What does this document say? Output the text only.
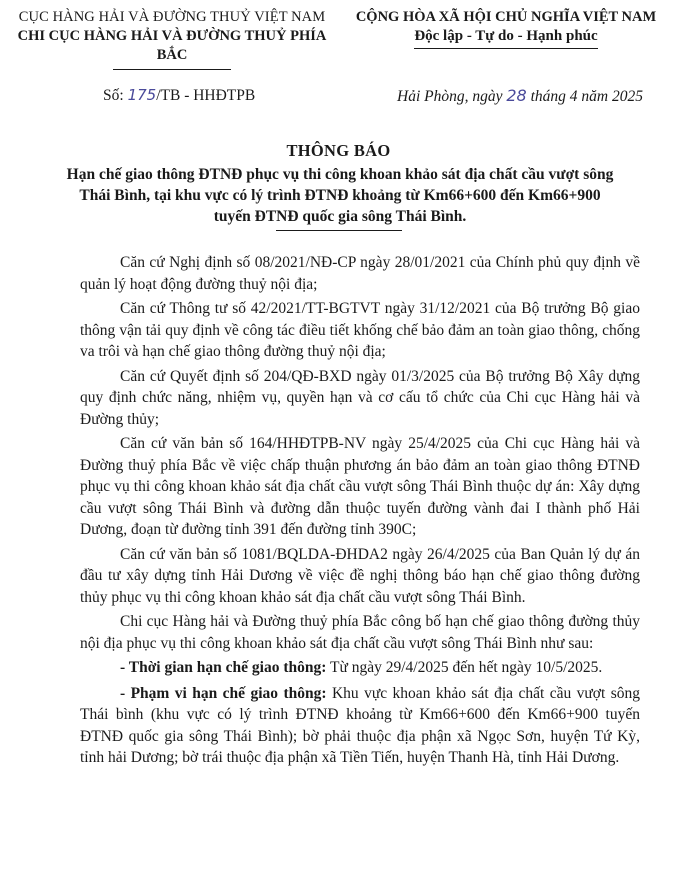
CỤC HÀNG HẢI VÀ ĐƯỜNG THUỶ VIỆT NAM
CHI CỤC HÀNG HẢI VÀ ĐƯỜNG THUỶ PHÍA BẮC
CỘNG HÒA XÃ HỘI CHỦ NGHĨA VIỆT NAM
Độc lập - Tự do - Hạnh phúc
Số: 175/TB - HHĐTPB	Hải Phòng, ngày 28 tháng 4 năm 2025
THÔNG BÁO
Hạn chế giao thông ĐTNĐ phục vụ thi công khoan khảo sát địa chất cầu vượt sông Thái Bình, tại khu vực có lý trình ĐTNĐ khoảng từ Km66+600 đến Km66+900 tuyến ĐTNĐ quốc gia sông Thái Bình.

Căn cứ Nghị định số 08/2021/NĐ-CP ngày 28/01/2021 của Chính phủ quy định về quản lý hoạt động đường thuỷ nội địa;

Căn cứ Thông tư số 42/2021/TT-BGTVT ngày 31/12/2021 của Bộ trưởng Bộ giao thông vận tải quy định về công tác điều tiết khống chế bảo đảm an toàn giao thông, chống va trôi và hạn chế giao thông đường thuỷ nội địa;

Căn cứ Quyết định số 204/QĐ-BXD ngày 01/3/2025 của Bộ trưởng Bộ Xây dựng quy định chức năng, nhiệm vụ, quyền hạn và cơ cấu tổ chức của Chi cục Hàng hải và Đường thủy;

Căn cứ văn bản số 164/HHĐTPB-NV ngày 25/4/2025 của Chi cục Hàng hải và Đường thuỷ phía Bắc về việc chấp thuận phương án bảo đảm an toàn giao thông ĐTNĐ phục vụ thi công khoan khảo sát địa chất cầu vượt sông Thái Bình thuộc dự án: Xây dựng cầu vượt sông Thái Bình và đường dẫn thuộc tuyến đường vành đai I thành phố Hải Dương, đoạn từ đường tỉnh 391 đến đường tỉnh 390C;

Căn cứ văn bản số 1081/BQLDA-ĐHDA2 ngày 26/4/2025 của Ban Quản lý dự án đầu tư xây dựng tỉnh Hải Dương về việc đề nghị thông báo hạn chế giao thông đường thủy phục vụ thi công khoan khảo sát địa chất cầu vượt sông Thái Bình.

Chi cục Hàng hải và Đường thuỷ phía Bắc công bố hạn chế giao thông đường thủy nội địa phục vụ thi công khoan khảo sát địa chất cầu vượt sông Thái Bình như sau:

- Thời gian hạn chế giao thông: Từ ngày 29/4/2025 đến hết ngày 10/5/2025.

- Phạm vi hạn chế giao thông: Khu vực khoan khảo sát địa chất cầu vượt sông Thái bình (khu vực có lý trình ĐTNĐ khoảng từ Km66+600 đến Km66+900 tuyến ĐTNĐ quốc gia sông Thái Bình); bờ phải thuộc địa phận xã Ngọc Sơn, huyện Tứ Kỳ, tỉnh hải Dương; bờ trái thuộc địa phận xã Tiền Tiến, huyện Thanh Hà, tỉnh Hải Dương.
